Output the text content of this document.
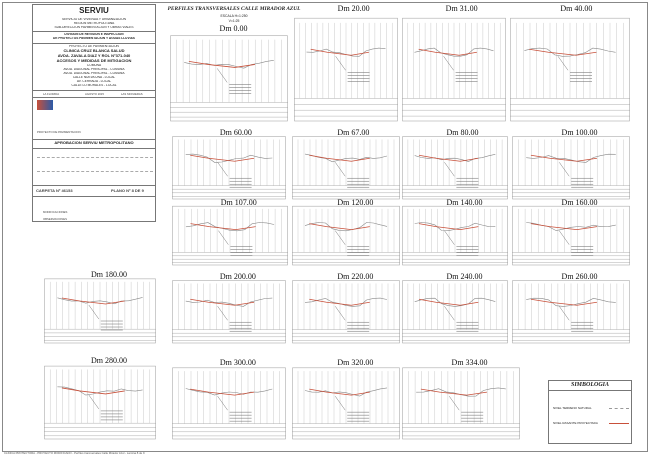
SERVIU
SERVICIO DE VIVIENDA Y URBANIZACION
REGION METROPOLITANA
SUB-DIRECCION PAVIMENTACION Y OBRAS VIALES
DIVISION DE REVISION E INSPECCION
DE PROYECTOS PAVIMENTACION Y AGUAS LLUVIAS
PROYECTO DE PAVIMENTACION
CLINICA CRUZ BLANCA SALUD
AVDA. ZAVALA DIAZ Y ROL N°371-040
ACCESOS Y MEDIDAS DE MITIGACION
COMUNA
AVDA. DIAGONAL PRINCIPAL - COMUNA
AVDA. DIAGONAL PRINCIPAL - COMUNA
CALLE NUEVA UNA - LOCAL
AV. CERRADA - LOCAL
CALLE LO MORALES - LOCAL
LA FLORIDA	AGOSTO 2015	LAS MONJERAS
PROYECTO DE PAVIMENTACION
APROBACION SERVIU METROPOLITANO
CARPETA Nº 46153	PLANO Nº 8 DE 9
MODIFICACIONES
OBSERVACIONES
PERFILES TRANSVERSALES CALLE MIRADOR AZUL
ESCALA H=1:250
V=1:25
Dm 0.00
Dm 20.00	Dm 31.00	Dm 40.00
Dm 60.00	Dm 67.00	Dm 80.00	Dm 100.00
Dm 107.00	Dm 120.00	Dm 140.00	Dm 160.00
Dm 180.00	Dm 200.00	Dm 220.00	Dm 240.00	Dm 260.00
Dm 280.00	Dm 300.00	Dm 320.00	Dm 334.00
SIMBOLOGIA
NIVEL TERRENO NATURAL
NIVEL RASANTE PROYECTADA
CLINICA PROTECTORA - PROYECTO MODIFICADO - Perfiles transversales Calle Mirador Azul - Lamina 8 de 9
